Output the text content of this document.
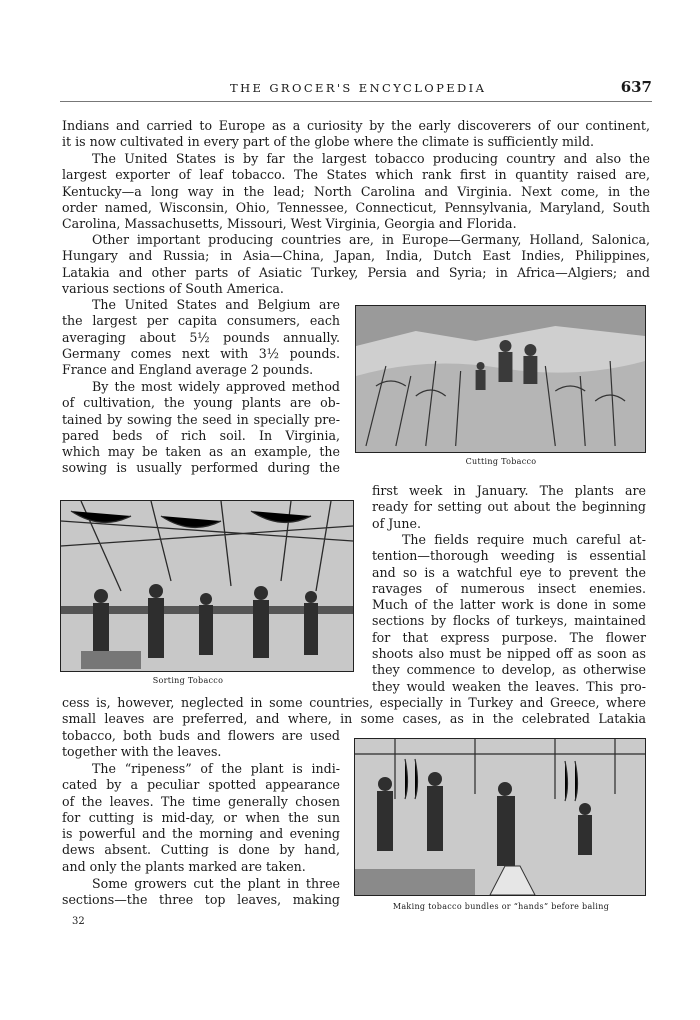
THE GROCER'S ENCYCLOPEDIA	637
Indians and carried to Europe as a curiosity by the early discoverers of our continent,
it is now cultivated in every part of the globe where the climate is sufficiently mild.
The United States is by far the largest tobacco producing country and also the
largest exporter of leaf tobacco. The States which rank first in quantity raised are,
Kentucky—a long way in the lead; North Carolina and Virginia. Next come, in the
order named, Wisconsin, Ohio, Tennessee, Connecticut, Pennsylvania, Maryland, South
Carolina, Massachusetts, Missouri, West Virginia, Georgia and Florida.
Other important producing countries are, in Europe—Germany, Holland, Salonica,
Hungary and Russia; in Asia—China, Japan, India, Dutch East Indies, Philippines,
Latakia and other parts of Asiatic Turkey, Persia and Syria; in Africa—Algiers; and
various sections of South America.
The United States and Belgium are
the largest per capita consumers, each
averaging about 5½ pounds annually.
Germany comes next with 3½ pounds.
France and England average 2 pounds.
By the most widely approved method
of cultivation, the young plants are ob-
tained by sowing the seed in specially pre-
pared beds of rich soil. In Virginia,
which may be taken as an example, the
sowing is usually performed during the	Cutting Tobacco
first week in January. The plants are
ready for setting out about the beginning
of June.
Sorting Tobacco
The fields require much careful at-
tention—thorough weeding is essential
and so is a watchful eye to prevent the
ravages of numerous insect enemies.
Much of the latter work is done in some
sections by flocks of turkeys, maintained
for that express purpose. The flower
shoots also must be nipped off as soon as
they commence to develop, as otherwise
they would weaken the leaves. This pro-
cess is, however, neglected in some countries, especially in Turkey and Greece, where
small leaves are preferred, and where, in some cases, as in the celebrated Latakia
tobacco, both buds and flowers are used
together with the leaves.
The “ripeness” of the plant is indi-
cated by a peculiar spotted appearance
of the leaves. The time generally chosen
for cutting is mid-day, or when the sun
is powerful and the morning and evening
dews absent. Cutting is done by hand,
and only the plants marked are taken.
Some growers cut the plant in three
sections—the three top leaves, making	Making tobacco bundles or “hands” before baling
32
